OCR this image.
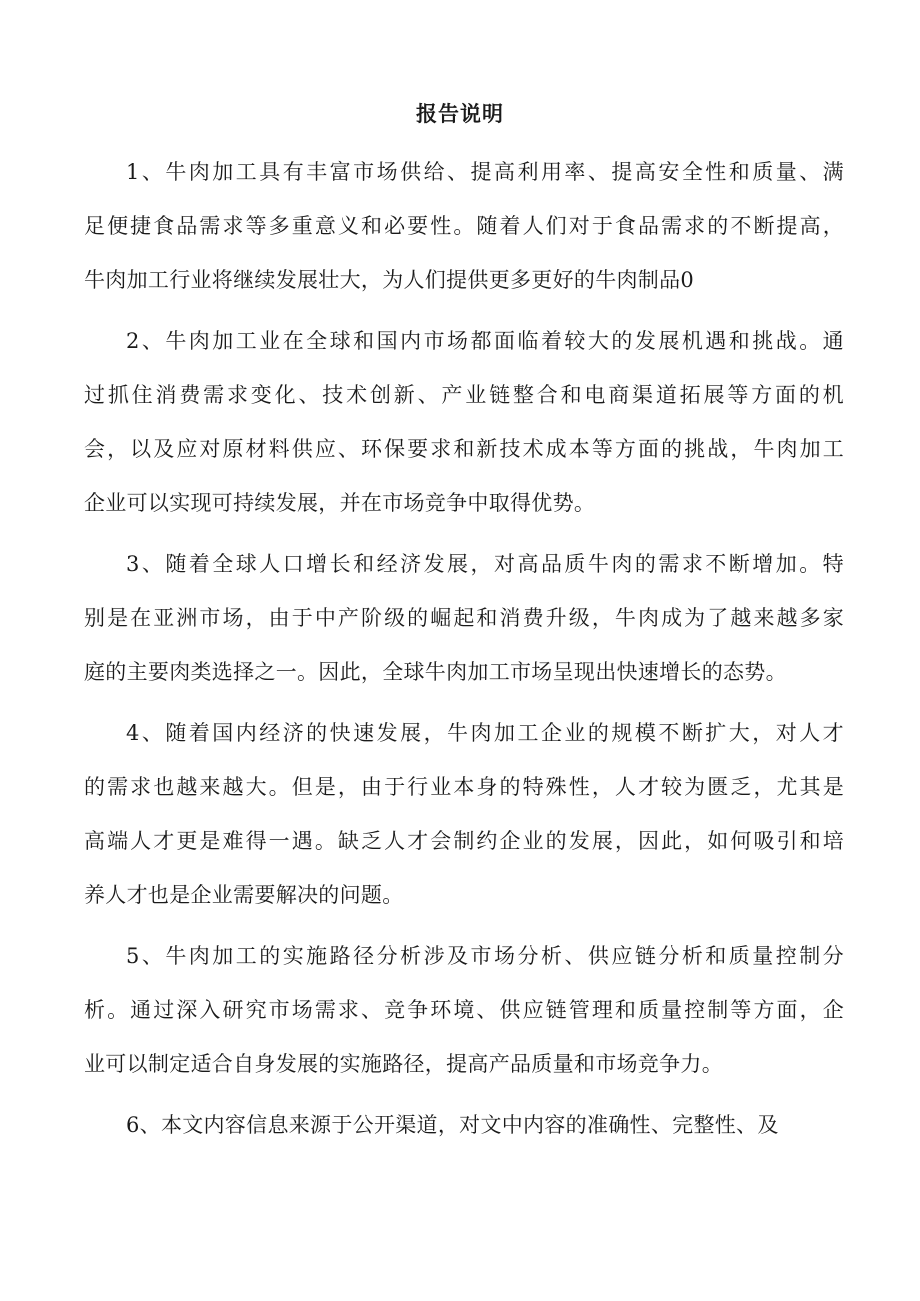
报告说明
1、牛肉加工具有丰富市场供给、提高利用率、提高安全性和质量、满
足便捷食品需求等多重意义和必要性。随着人们对于食品需求的不断提高，
牛肉加工行业将继续发展壮大，为人们提供更多更好的牛肉制品0
2、牛肉加工业在全球和国内市场都面临着较大的发展机遇和挑战。通
过抓住消费需求变化、技术创新、产业链整合和电商渠道拓展等方面的机
会，以及应对原材料供应、环保要求和新技术成本等方面的挑战，牛肉加工
企业可以实现可持续发展，并在市场竞争中取得优势。
3、随着全球人口增长和经济发展，对高品质牛肉的需求不断增加。特
别是在亚洲市场，由于中产阶级的崛起和消费升级，牛肉成为了越来越多家
庭的主要肉类选择之一。因此，全球牛肉加工市场呈现出快速增长的态势。
4、随着国内经济的快速发展，牛肉加工企业的规模不断扩大，对人才
的需求也越来越大。但是，由于行业本身的特殊性，人才较为匮乏，尤其是
高端人才更是难得一遇。缺乏人才会制约企业的发展，因此，如何吸引和培
养人才也是企业需要解决的问题。
5、牛肉加工的实施路径分析涉及市场分析、供应链分析和质量控制分
析。通过深入研究市场需求、竞争环境、供应链管理和质量控制等方面，企
业可以制定适合自身发展的实施路径，提高产品质量和市场竞争力。
6、本文内容信息来源于公开渠道，对文中内容的准确性、完整性、及
